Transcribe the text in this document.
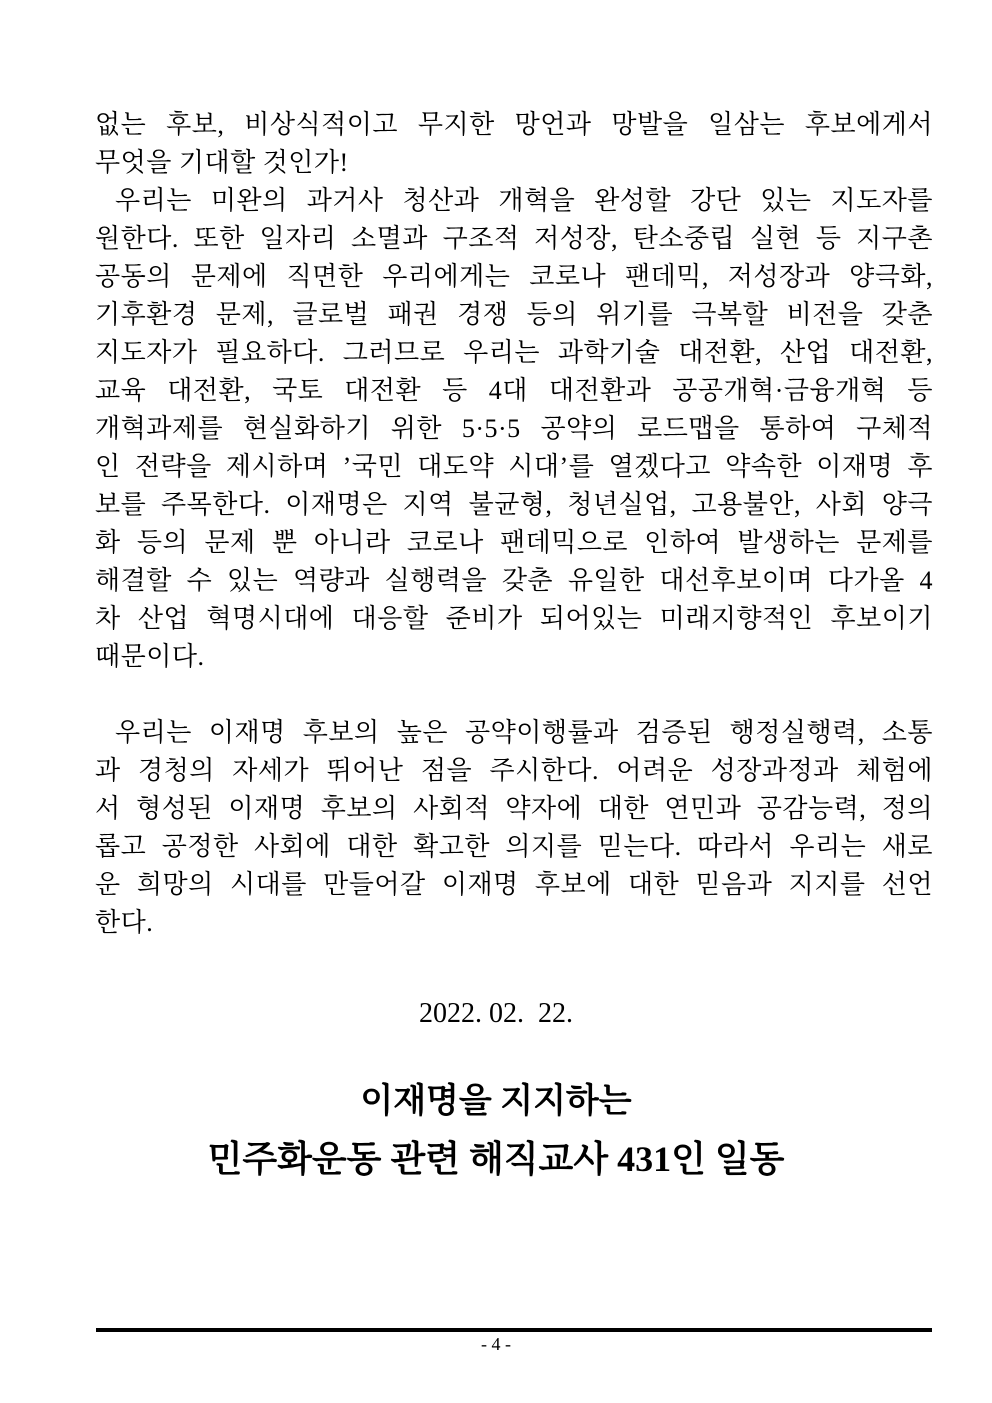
없는 후보, 비상식적이고 무지한 망언과 망발을 일삼는 후보에게서
무엇을 기대할 것인가!
우리는 미완의 과거사 청산과 개혁을 완성할 강단 있는 지도자를
원한다. 또한 일자리 소멸과 구조적 저성장, 탄소중립 실현 등 지구촌
공동의 문제에 직면한 우리에게는 코로나 팬데믹, 저성장과 양극화,
기후환경 문제, 글로벌 패권 경쟁 등의 위기를 극복할 비전을 갖춘
지도자가 필요하다. 그러므로 우리는 과학기술 대전환, 산업 대전환,
교육 대전환, 국토 대전환 등 4대 대전환과 공공개혁·금융개혁 등
개혁과제를 현실화하기 위한 5·5·5 공약의 로드맵을 통하여 구체적
인 전략을 제시하며 ’국민 대도약 시대’를 열겠다고 약속한 이재명 후
보를 주목한다. 이재명은 지역 불균형, 청년실업, 고용불안, 사회 양극
화 등의 문제 뿐 아니라 코로나 팬데믹으로 인하여 발생하는 문제를
해결할 수 있는 역량과 실행력을 갖춘 유일한 대선후보이며 다가올 4
차 산업 혁명시대에 대응할 준비가 되어있는 미래지향적인 후보이기
때문이다.
우리는 이재명 후보의 높은 공약이행률과 검증된 행정실행력, 소통
과 경청의 자세가 뛰어난 점을 주시한다. 어려운 성장과정과 체험에
서 형성된 이재명 후보의 사회적 약자에 대한 연민과 공감능력, 정의
롭고 공정한 사회에 대한 확고한 의지를 믿는다. 따라서 우리는 새로
운 희망의 시대를 만들어갈 이재명 후보에 대한 믿음과 지지를 선언
한다.
2022. 02.  22.
이재명을 지지하는
민주화운동 관련 해직교사 431인 일동
- 4 -
